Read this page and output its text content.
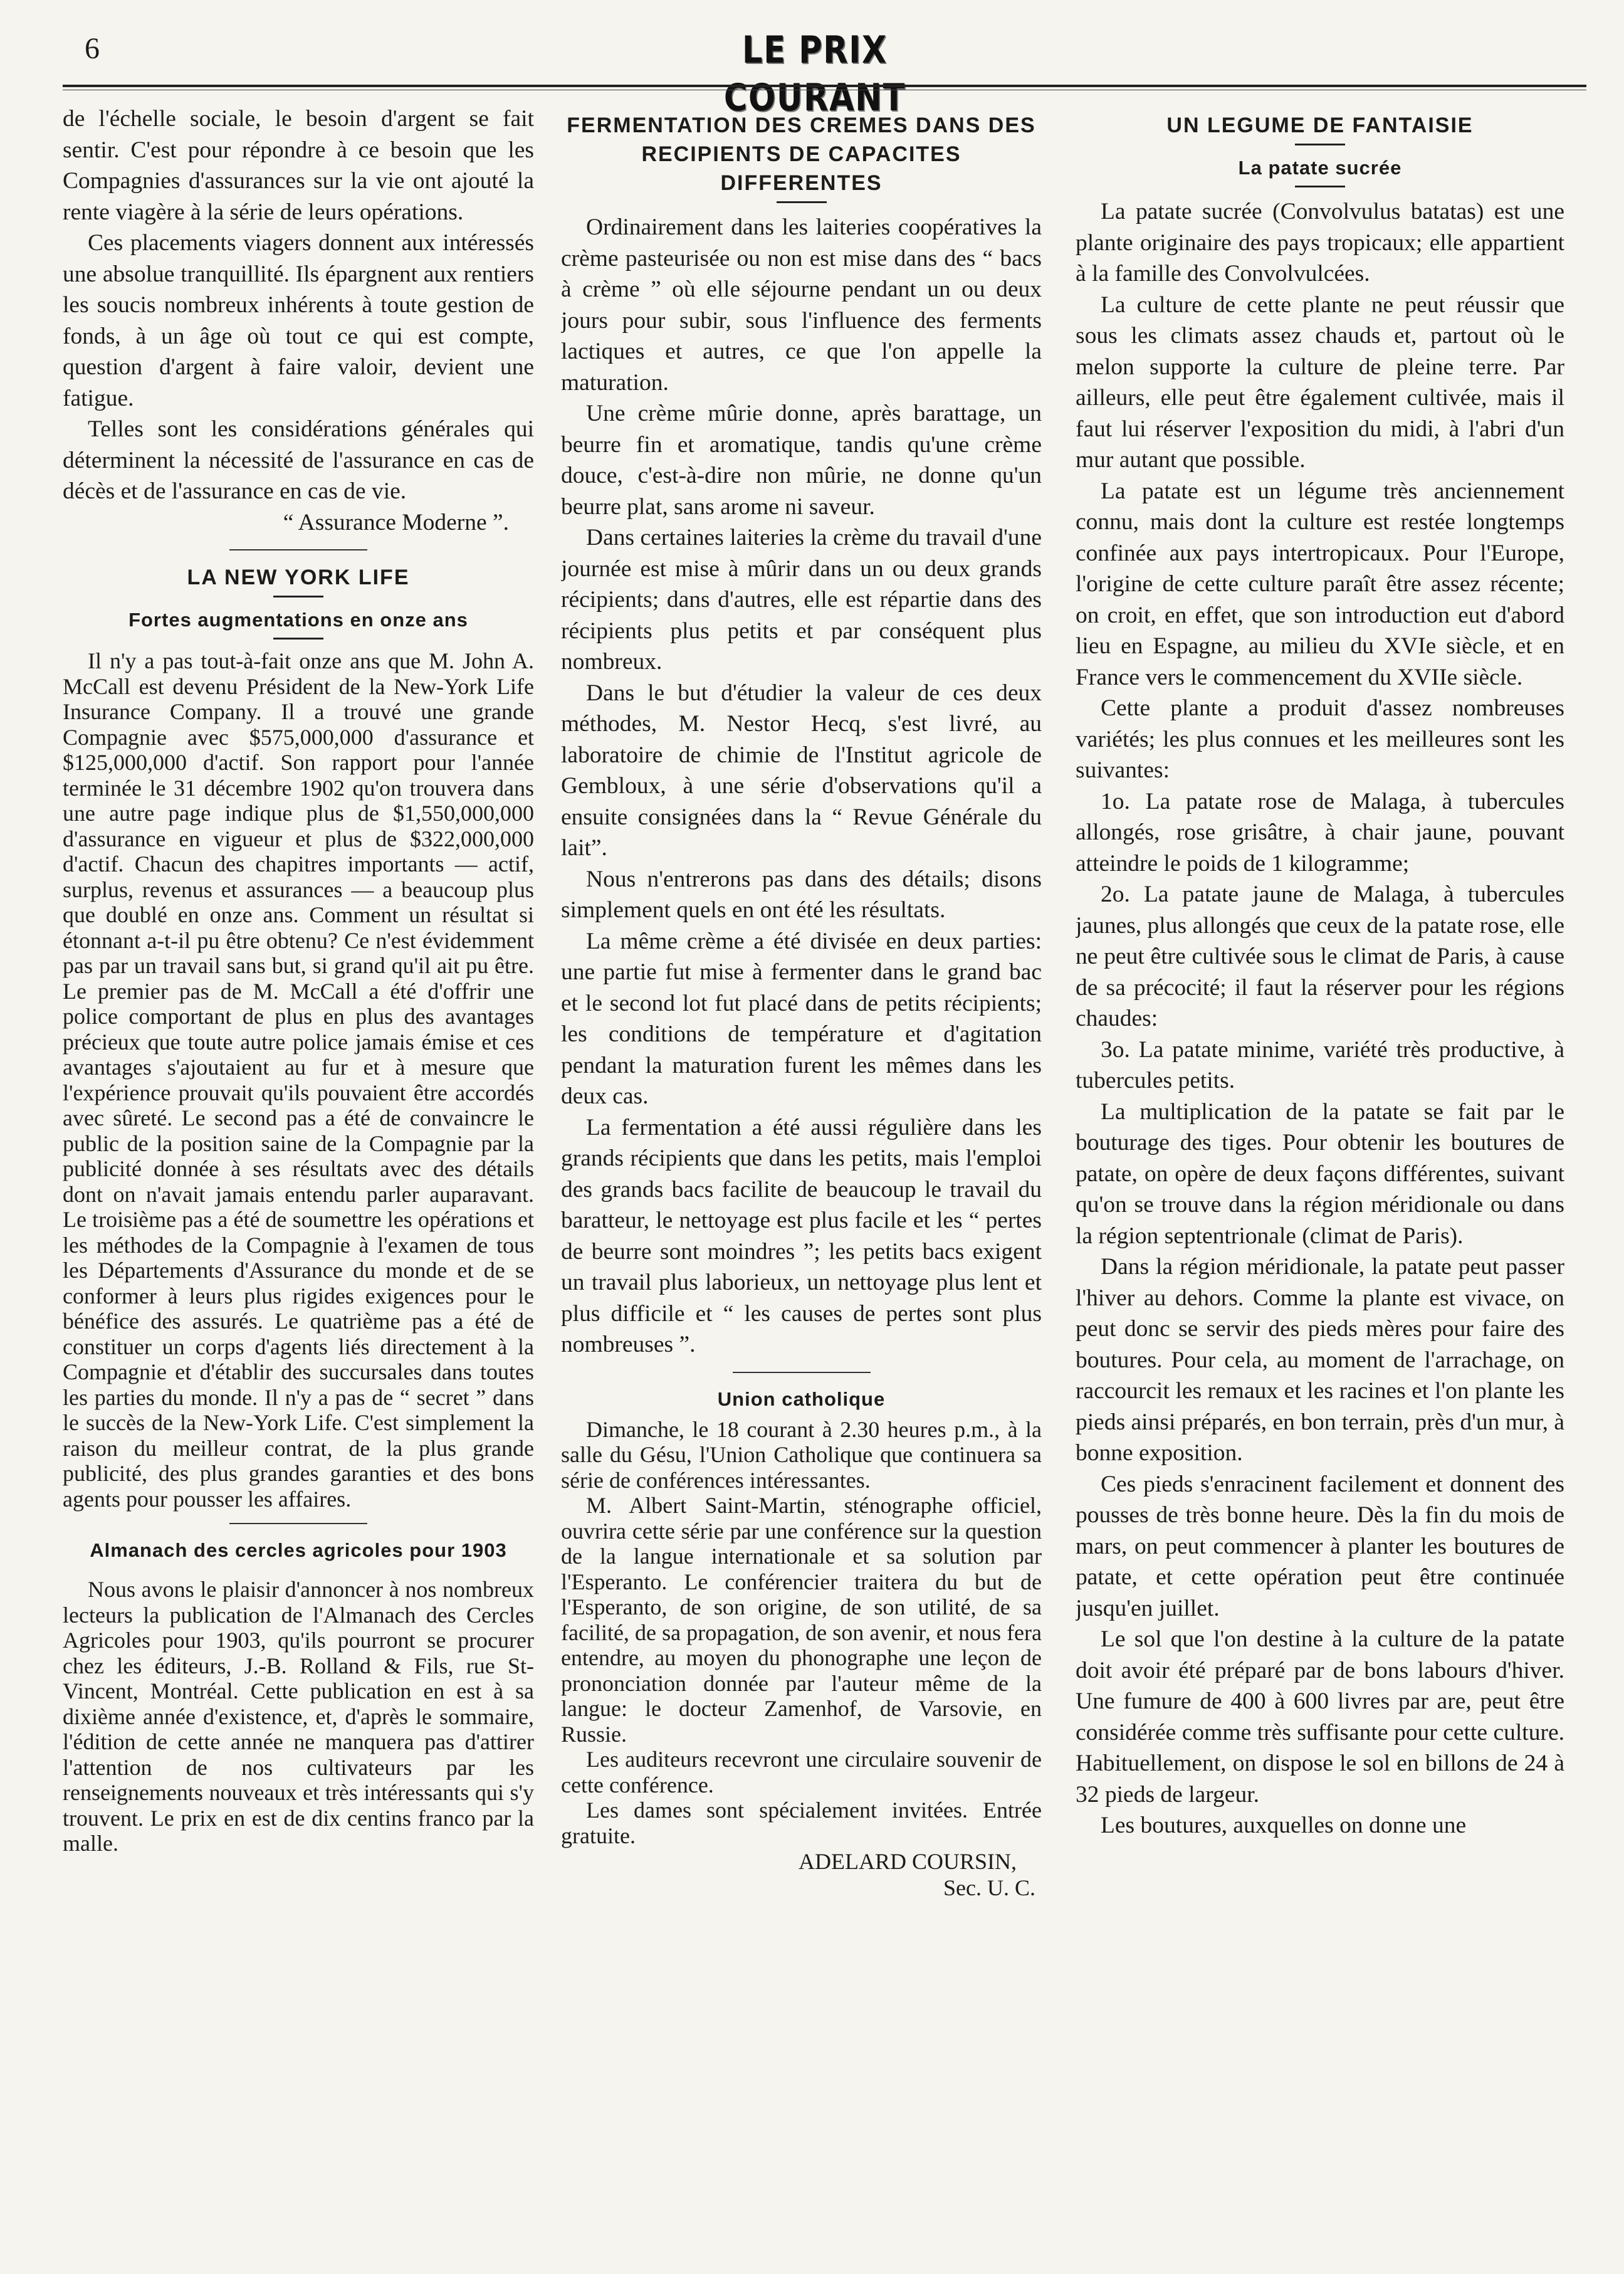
6	LE PRIX COURANT

de l'échelle sociale, le besoin d'argent se fait sentir. C'est pour répondre à ce besoin que les Compagnies d'assurances sur la vie ont ajouté la rente viagère à la série de leurs opérations.

Ces placements viagers donnent aux intéressés une absolue tranquillité. Ils épargnent aux rentiers les soucis nombreux inhérents à toute gestion de fonds, à un âge où tout ce qui est compte, question d'argent à faire valoir, devient une fatigue.

Telles sont les considérations générales qui déterminent la nécessité de l'assurance en cas de décès et de l'assurance en cas de vie.

“ Assurance Moderne ”.

LA NEW YORK LIFE
Fortes augmentations en onze ans

Il n'y a pas tout-à-fait onze ans que M. John A. McCall est devenu Président de la New-York Life Insurance Company. Il a trouvé une grande Compagnie avec $575,000,000 d'assurance et $125,000,000 d'actif. Son rapport pour l'année terminée le 31 décembre 1902 qu'on trouvera dans une autre page indique plus de $1,550,000,000 d'assurance en vigueur et plus de $322,000,000 d'actif. Chacun des chapitres importants — actif, surplus, revenus et assurances — a beaucoup plus que doublé en onze ans. Comment un résultat si étonnant a-t-il pu être obtenu? Ce n'est évidemment pas par un travail sans but, si grand qu'il ait pu être. Le premier pas de M. McCall a été d'offrir une police comportant de plus en plus des avantages précieux que toute autre police jamais émise et ces avantages s'ajoutaient au fur et à mesure que l'expérience prouvait qu'ils pouvaient être accordés avec sûreté. Le second pas a été de convaincre le public de la position saine de la Compagnie par la publicité donnée à ses résultats avec des détails dont on n'avait jamais entendu parler auparavant. Le troisième pas a été de soumettre les opérations et les méthodes de la Compagnie à l'examen de tous les Départements d'Assurance du monde et de se conformer à leurs plus rigides exigences pour le bénéfice des assurés. Le quatrième pas a été de constituer un corps d'agents liés directement à la Compagnie et d'établir des succursales dans toutes les parties du monde. Il n'y a pas de “ secret ” dans le succès de la New-York Life. C'est simplement la raison du meilleur contrat, de la plus grande publicité, des plus grandes garanties et des bons agents pour pousser les affaires.

Almanach des cercles agricoles pour 1903

Nous avons le plaisir d'annoncer à nos nombreux lecteurs la publication de l'Almanach des Cercles Agricoles pour 1903, qu'ils pourront se procurer chez les éditeurs, J.-B. Rolland & Fils, rue St-Vincent, Montréal. Cette publication en est à sa dixième année d'existence, et, d'après le sommaire, l'édition de cette année ne manquera pas d'attirer l'attention de nos cultivateurs par les renseignements nouveaux et très intéressants qui s'y trouvent. Le prix en est de dix centins franco par la malle.

FERMENTATION DES CREMES DANS DES RECIPIENTS DE CAPACITES DIFFERENTES

Ordinairement dans les laiteries coopératives la crème pasteurisée ou non est mise dans des “ bacs à crème ” où elle séjourne pendant un ou deux jours pour subir, sous l'influence des ferments lactiques et autres, ce que l'on appelle la maturation.

Une crème mûrie donne, après barattage, un beurre fin et aromatique, tandis qu'une crème douce, c'est-à-dire non mûrie, ne donne qu'un beurre plat, sans arome ni saveur.

Dans certaines laiteries la crème du travail d'une journée est mise à mûrir dans un ou deux grands récipients; dans d'autres, elle est répartie dans des récipients plus petits et par conséquent plus nombreux.

Dans le but d'étudier la valeur de ces deux méthodes, M. Nestor Hecq, s'est livré, au laboratoire de chimie de l'Institut agricole de Gembloux, à une série d'observations qu'il a ensuite consignées dans la “ Revue Générale du lait”.

Nous n'entrerons pas dans des détails; disons simplement quels en ont été les résultats.

La même crème a été divisée en deux parties: une partie fut mise à fermenter dans le grand bac et le second lot fut placé dans de petits récipients; les conditions de température et d'agitation pendant la maturation furent les mêmes dans les deux cas.

La fermentation a été aussi régulière dans les grands récipients que dans les petits, mais l'emploi des grands bacs facilite de beaucoup le travail du baratteur, le nettoyage est plus facile et les “ pertes de beurre sont moindres ”; les petits bacs exigent un travail plus laborieux, un nettoyage plus lent et plus difficile et “ les causes de pertes sont plus nombreuses ”.

Union catholique

Dimanche, le 18 courant à 2.30 heures p.m., à la salle du Gésu, l'Union Catholique que continuera sa série de conférences intéressantes.

M. Albert Saint-Martin, sténographe officiel, ouvrira cette série par une conférence sur la question de la langue internationale et sa solution par l'Esperanto. Le conférencier traitera du but de l'Esperanto, de son origine, de son utilité, de sa facilité, de sa propagation, de son avenir, et nous fera entendre, au moyen du phonographe une leçon de prononciation donnée par l'auteur même de la langue: le docteur Zamenhof, de Varsovie, en Russie.

Les auditeurs recevront une circulaire souvenir de cette conférence.

Les dames sont spécialement invitées. Entrée gratuite.

ADELARD COURSIN,
Sec. U. C.
UN LEGUME DE FANTAISIE
La patate sucrée

La patate sucrée (Convolvulus batatas) est une plante originaire des pays tropicaux; elle appartient à la famille des Convolvulcées.

La culture de cette plante ne peut réussir que sous les climats assez chauds et, partout où le melon supporte la culture de pleine terre. Par ailleurs, elle peut être également cultivée, mais il faut lui réserver l'exposition du midi, à l'abri d'un mur autant que possible.

La patate est un légume très anciennement connu, mais dont la culture est restée longtemps confinée aux pays intertropicaux. Pour l'Europe, l'origine de cette culture paraît être assez récente; on croit, en effet, que son introduction eut d'abord lieu en Espagne, au milieu du XVIe siècle, et en France vers le commencement du XVIIe siècle.

Cette plante a produit d'assez nombreuses variétés; les plus connues et les meilleures sont les suivantes:

1o. La patate rose de Malaga, à tubercules allongés, rose grisâtre, à chair jaune, pouvant atteindre le poids de 1 kilogramme;

2o. La patate jaune de Malaga, à tubercules jaunes, plus allongés que ceux de la patate rose, elle ne peut être cultivée sous le climat de Paris, à cause de sa précocité; il faut la réserver pour les régions chaudes:

3o. La patate minime, variété très productive, à tubercules petits.

La multiplication de la patate se fait par le bouturage des tiges. Pour obtenir les boutures de patate, on opère de deux façons différentes, suivant qu'on se trouve dans la région méridionale ou dans la région septentrionale (climat de Paris).

Dans la région méridionale, la patate peut passer l'hiver au dehors. Comme la plante est vivace, on peut donc se servir des pieds mères pour faire des boutures. Pour cela, au moment de l'arrachage, on raccourcit les remaux et les racines et l'on plante les pieds ainsi préparés, en bon terrain, près d'un mur, à bonne exposition.

Ces pieds s'enracinent facilement et donnent des pousses de très bonne heure. Dès la fin du mois de mars, on peut commencer à planter les boutures de patate, et cette opération peut être continuée jusqu'en juillet.

Le sol que l'on destine à la culture de la patate doit avoir été préparé par de bons labours d'hiver. Une fumure de 400 à 600 livres par are, peut être considérée comme très suffisante pour cette culture. Habituellement, on dispose le sol en billons de 24 à 32 pieds de largeur.

Les boutures, auxquelles on donne une
